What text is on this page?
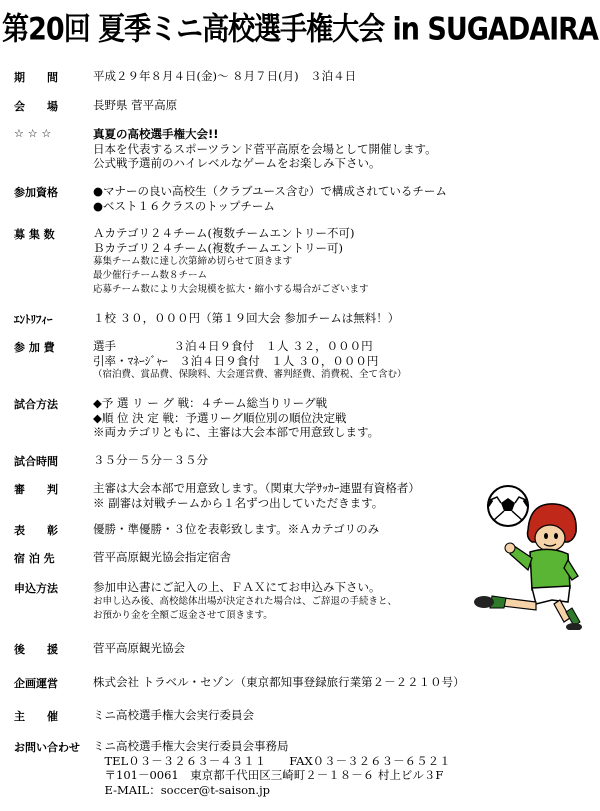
第20回 夏季ミニ高校選手権大会 in SUGADAIRA
期　　間	平成２９年８月４日(金)～ ８月７日(月)　３泊４日
会　　場	長野県 菅平高原
☆ ☆ ☆	真夏の高校選手権大会!!
日本を代表するスポーツランド菅平高原を会場として開催します。
公式戦予選前のハイレベルなゲームをお楽しみ下さい。
参加資格	●マナーの良い高校生（クラブユース含む）で構成されているチーム
●ベスト１６クラスのトップチーム
募 集 数	Ａカテゴリ２４チーム(複数チームエントリー不可)
Ｂカテゴリ２４チーム(複数チームエントリー可)
募集チーム数に達し次第締め切らせて頂きます
最少催行チーム数８チーム
応募チーム数により大会規模を拡大・縮小する場合がございます
ｴﾝﾄﾘﾌｨｰ	１校 ３０，０００円（第１９回大会 参加チームは無料！）
参 加 費	選手　　　　　３泊４日９食付　１人 ３２，０００円
引率・ﾏﾈｰｼﾞｬｰ　３泊４日９食付　１人 ３０，０００円
（宿泊費、賞品費、保険料、大会運営費、審判経費、消費税、全て含む）
試合方法	◆予 選 リ ー グ 戦：４チーム総当りリーグ戦
◆順 位 決 定 戦：予選リーグ順位別の順位決定戦
※両カテゴリともに、主審は大会本部で用意致します。
試合時間	３５分－５分－３５分
審　　判	主審は大会本部で用意致します。（関東大学ｻｯｶｰ連盟有資格者）
※ 副審は対戦チームから１名ずつ出していただきます。
表　　彰	優勝・準優勝・３位を表彰致します。※Ａカテゴリのみ
宿 泊 先	菅平高原観光協会指定宿舎
申込方法	参加申込書にご記入の上、ＦＡＸにてお申込み下さい。
お申し込み後、高校総体出場が決定された場合は、ご辞退の手続きと、
お預かり金を全額ご返金させて頂きます。
後　　援	菅平高原観光協会
企画運営	株式会社 トラベル・セゾン（東京都知事登録旅行業第２－２２１０号）
主　　催	ミニ高校選手権大会実行委員会
お問い合わせ ミニ高校選手権大会実行委員会事務局
　TEL０３－３２６３－４３１１　　FAX０３－３２６３－６５２１
　〒101－0061　東京都千代田区三崎町２－１８－６ 村上ビル３F
　E-MAIL：soccer@t-saison.jp
